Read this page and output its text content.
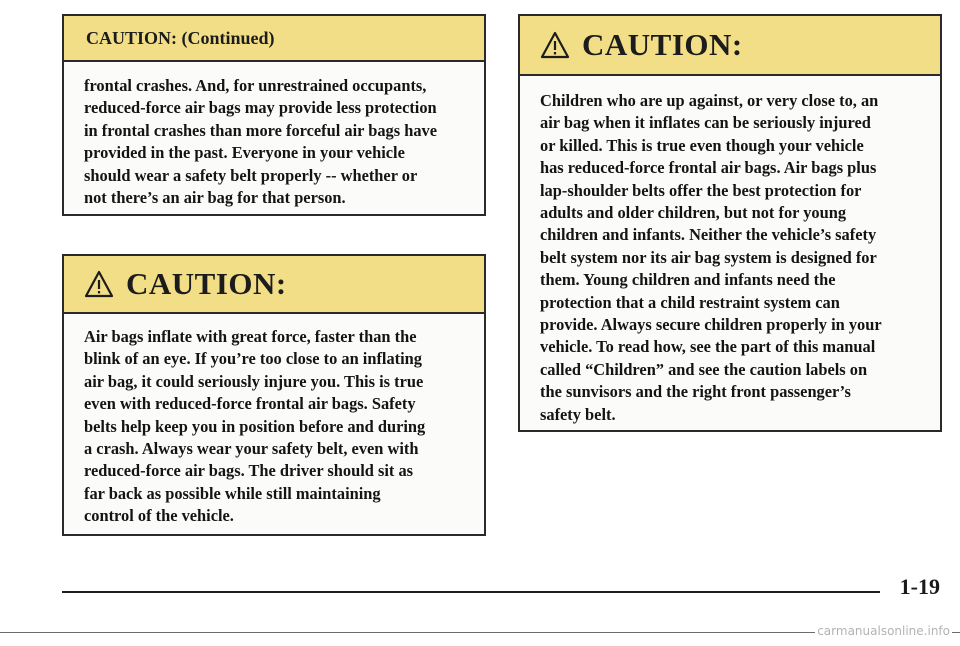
CAUTION: (Continued)
frontal crashes. And, for unrestrained occupants,
reduced-force air bags may provide less protection
in frontal crashes than more forceful air bags have
provided in the past. Everyone in your vehicle
should wear a safety belt properly -- whether or
not there’s an air bag for that person.
CAUTION:
Air bags inflate with great force, faster than the
blink of an eye. If you’re too close to an inflating
air bag, it could seriously injure you. This is true
even with reduced-force frontal air bags. Safety
belts help keep you in position before and during
a crash. Always wear your safety belt, even with
reduced-force air bags. The driver should sit as
far back as possible while still maintaining
control of the vehicle.
CAUTION:
Children who are up against, or very close to, an
air bag when it inflates can be seriously injured
or killed. This is true even though your vehicle
has reduced-force frontal air bags. Air bags plus
lap-shoulder belts offer the best protection for
adults and older children, but not for young
children and infants. Neither the vehicle’s safety
belt system nor its air bag system is designed for
them. Young children and infants need the
protection that a child restraint system can
provide. Always secure children properly in your
vehicle. To read how, see the part of this manual
called “Children” and see the caution labels on
the sunvisors and the right front passenger’s
safety belt.
1-19
carmanualsonline.info
